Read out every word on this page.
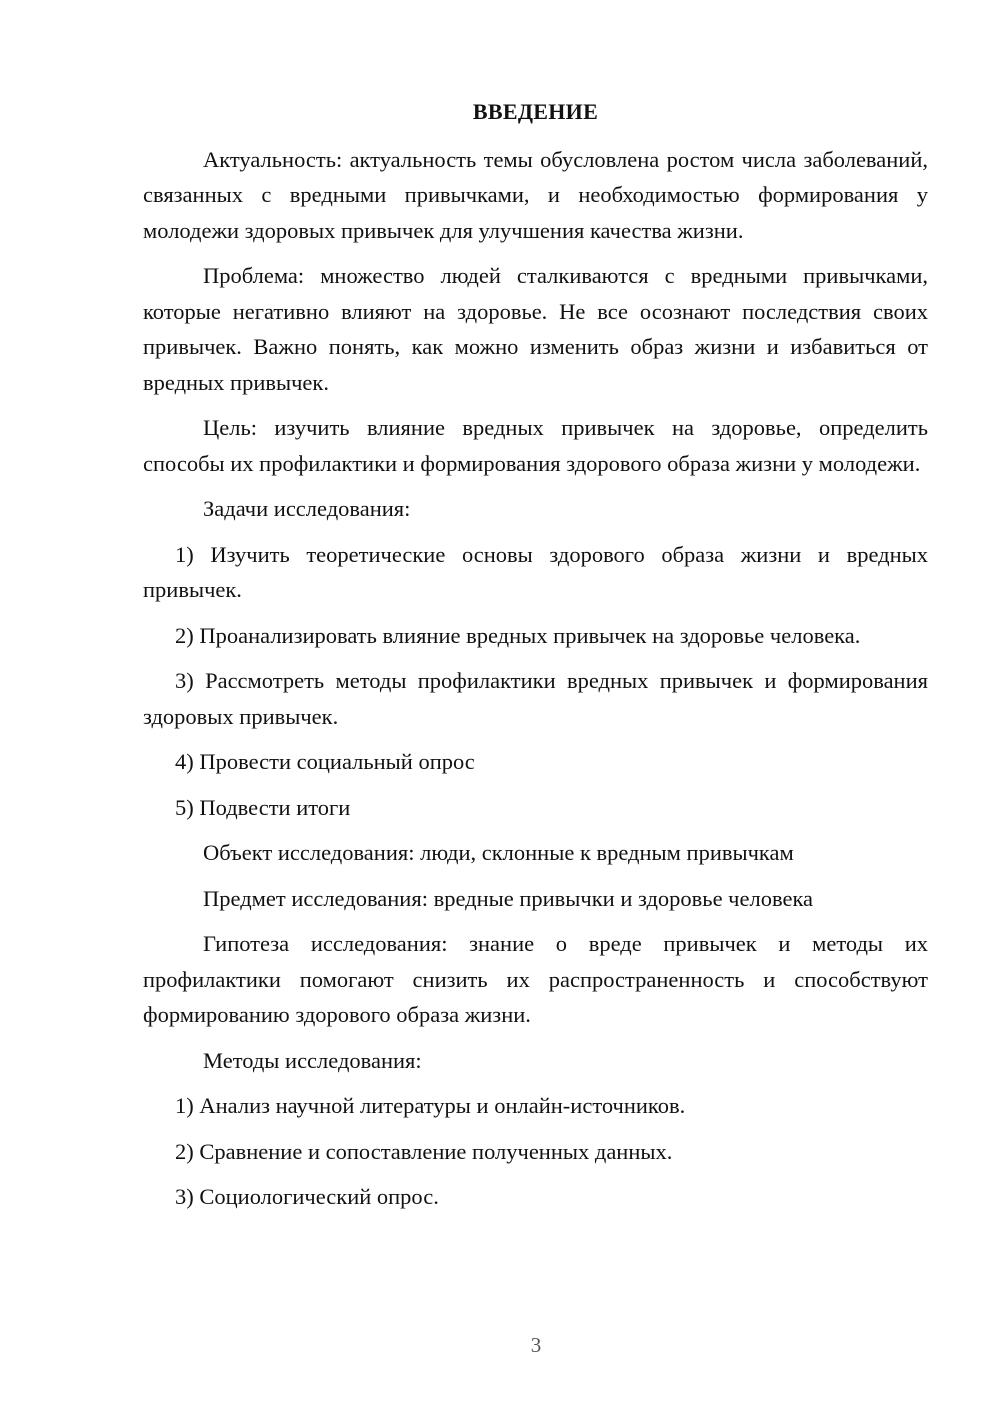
ВВЕДЕНИЕ

Актуальность: актуальность темы обусловлена ростом числа заболеваний, связанных с вредными привычками, и необходимостью формирования у молодежи здоровых привычек для улучшения качества жизни.

Проблема: множество людей сталкиваются с вредными привычками, которые негативно влияют на здоровье. Не все осознают последствия своих привычек. Важно понять, как можно изменить образ жизни и избавиться от вредных привычек.

Цель: изучить влияние вредных привычек на здоровье, определить способы их профилактики и формирования здорового образа жизни у молодежи.

Задачи исследования:

1) Изучить теоретические основы здорового образа жизни и вредных привычек.

2) Проанализировать влияние вредных привычек на здоровье человека.

3) Рассмотреть методы профилактики вредных привычек и формирования здоровых привычек.

4) Провести социальный опрос

5) Подвести итоги

Объект исследования: люди, склонные к вредным привычкам

Предмет исследования: вредные привычки и здоровье человека

Гипотеза исследования: знание о вреде привычек и методы их профилактики помогают снизить их распространенность и способствуют формированию здорового образа жизни.

Методы исследования:

1) Анализ научной литературы и онлайн-источников.

2) Сравнение и сопоставление полученных данных.

3) Социологический опрос.

3
